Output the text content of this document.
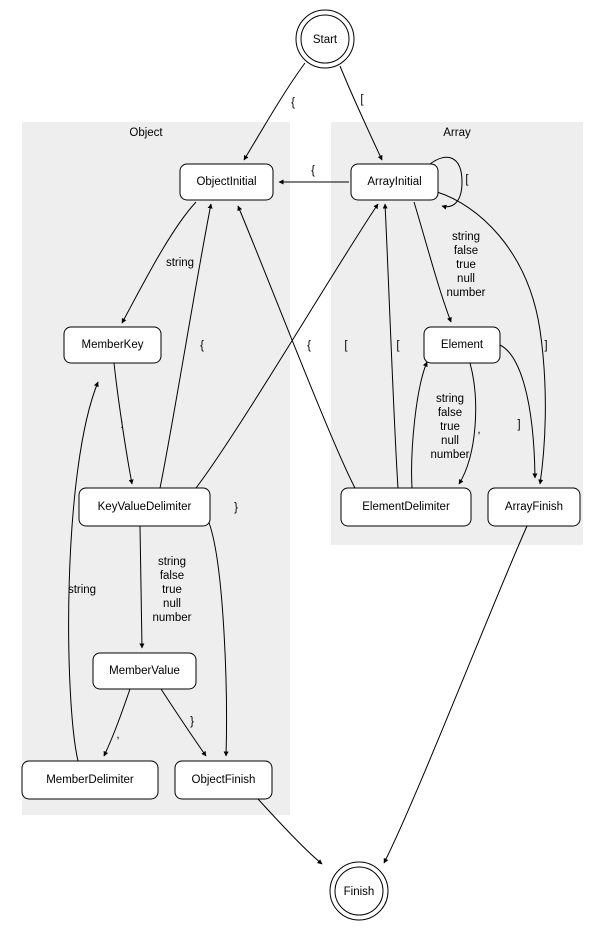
Object	Array
Start
ObjectInitial	ArrayInitial
MemberKey	Element
KeyValueDelimiter	ElementDelimiter	ArrayFinish
MemberValue
MemberDelimiter	ObjectFinish
Finish
{	[
{
[
string
{	{	[	[	]
:	,	]
}
string
,
}
string
false
true
null
number
string
false
true
null
number
string
false
true
null
number
